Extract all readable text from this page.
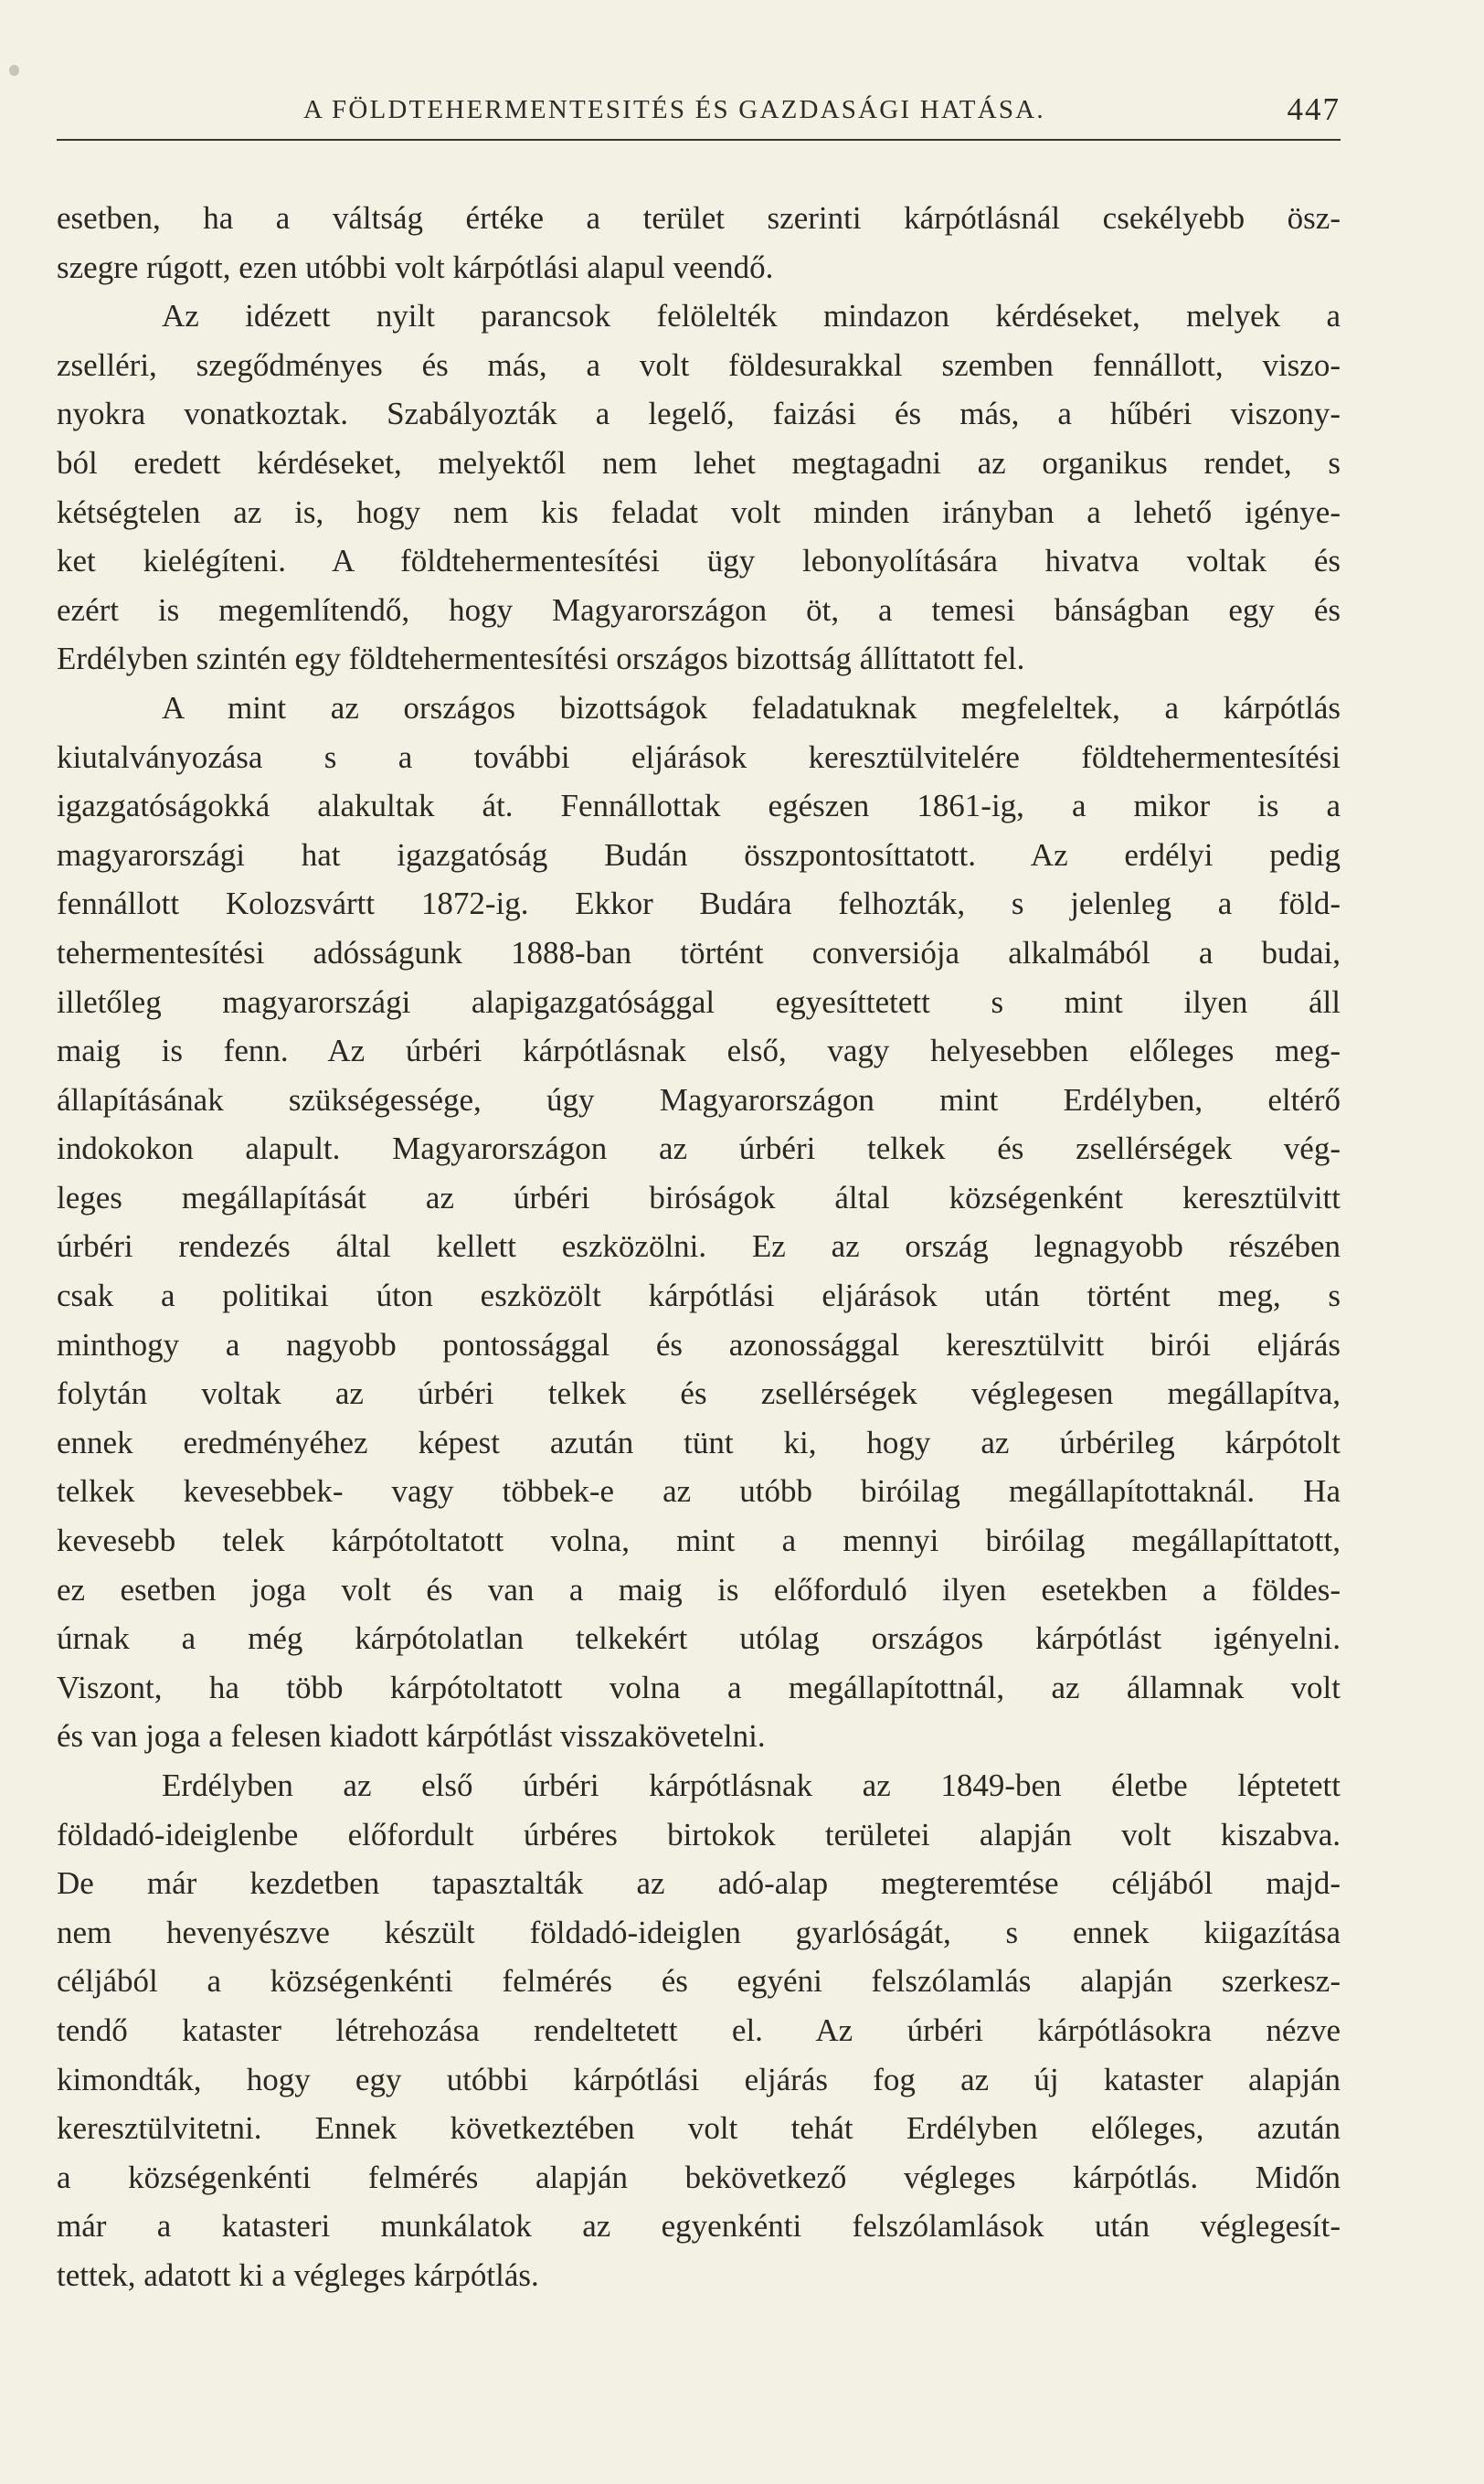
A FÖLDTEHERMENTESITÉS ÉS GAZDASÁGI HATÁSA.	447
esetben, ha a váltság értéke a terület szerinti kárpótlásnál csekélyebb ösz-
szegre rúgott, ezen utóbbi volt kárpótlási alapul veendő.
Az idézett nyilt parancsok felölelték mindazon kérdéseket, melyek a
zselléri, szegődményes és más, a volt földesurakkal szemben fennállott, viszo-
nyokra vonatkoztak. Szabályozták a legelő, faizási és más, a hűbéri viszony-
ból eredett kérdéseket, melyektől nem lehet megtagadni az organikus rendet, s
kétségtelen az is, hogy nem kis feladat volt minden irányban a lehető igénye-
ket kielégíteni. A földtehermentesítési ügy lebonyolítására hivatva voltak és
ezért is megemlítendő, hogy Magyarországon öt, a temesi bánságban egy és
Erdélyben szintén egy földtehermentesítési országos bizottság állíttatott fel.
A mint az országos bizottságok feladatuknak megfeleltek, a kárpótlás
kiutalványozása s a további eljárások keresztülvitelére földtehermentesítési
igazgatóságokká alakultak át. Fennállottak egészen 1861-ig, a mikor is a
magyarországi hat igazgatóság Budán összpontosíttatott. Az erdélyi pedig
fennállott Kolozsvártt 1872-ig. Ekkor Budára felhozták, s jelenleg a föld-
tehermentesítési adósságunk 1888-ban történt conversiója alkalmából a budai,
illetőleg magyarországi alapigazgatósággal egyesíttetett s mint ilyen áll
maig is fenn. Az úrbéri kárpótlásnak első, vagy helyesebben előleges meg-
állapításának szükségessége, úgy Magyarországon mint Erdélyben, eltérő
indokokon alapult. Magyarországon az úrbéri telkek és zsellérségek vég-
leges megállapítását az úrbéri biróságok által községenként keresztülvitt
úrbéri rendezés által kellett eszközölni. Ez az ország legnagyobb részében
csak a politikai úton eszközölt kárpótlási eljárások után történt meg, s
minthogy a nagyobb pontossággal és azonossággal keresztülvitt birói eljárás
folytán voltak az úrbéri telkek és zsellérségek véglegesen megállapítva,
ennek eredményéhez képest azután tünt ki, hogy az úrbérileg kárpótolt
telkek kevesebbek- vagy többek-e az utóbb biróilag megállapítottaknál. Ha
kevesebb telek kárpótoltatott volna, mint a mennyi biróilag megállapíttatott,
ez esetben joga volt és van a maig is előforduló ilyen esetekben a földes-
úrnak a még kárpótolatlan telkekért utólag országos kárpótlást igényelni.
Viszont, ha több kárpótoltatott volna a megállapítottnál, az államnak volt
és van joga a felesen kiadott kárpótlást visszakövetelni.
Erdélyben az első úrbéri kárpótlásnak az 1849-ben életbe léptetett
földadó-ideiglenbe előfordult úrbéres birtokok területei alapján volt kiszabva.
De már kezdetben tapasztalták az adó-alap megteremtése céljából majd-
nem hevenyészve készült földadó-ideiglen gyarlóságát, s ennek kiigazítása
céljából a községenkénti felmérés és egyéni felszólamlás alapján szerkesz-
tendő kataster létrehozása rendeltetett el. Az úrbéri kárpótlásokra nézve
kimondták, hogy egy utóbbi kárpótlási eljárás fog az új kataster alapján
keresztülvitetni. Ennek következtében volt tehát Erdélyben előleges, azután
a községenkénti felmérés alapján bekövetkező végleges kárpótlás. Midőn
már a katasteri munkálatok az egyenkénti felszólamlások után véglegesít-
tettek, adatott ki a végleges kárpótlás.
